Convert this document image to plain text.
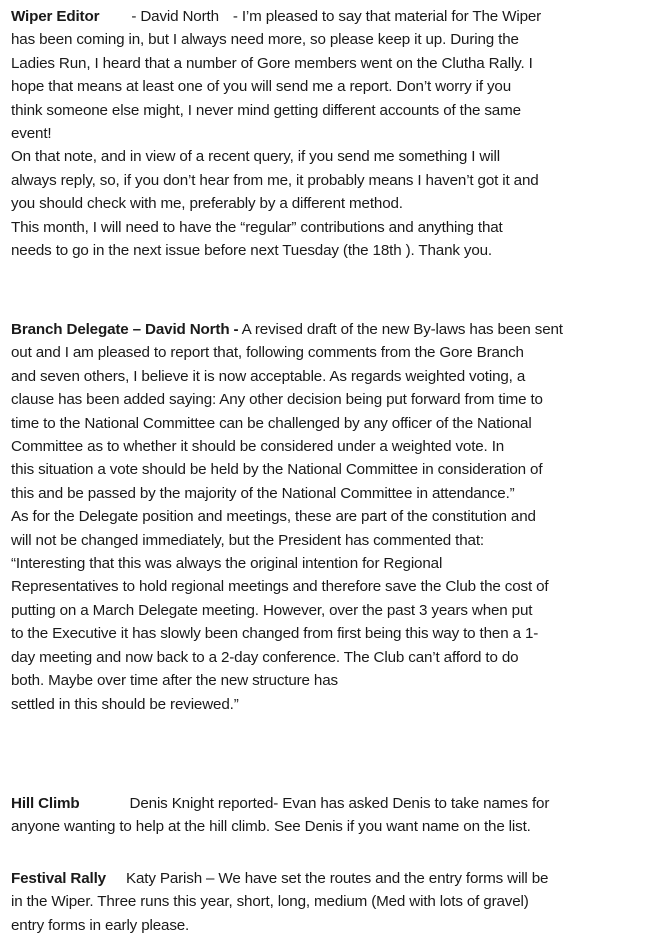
Wiper Editor - David North - I’m pleased to say that material for The Wiper
has been coming in, but I always need more, so please keep it up. During the
Ladies Run, I heard that a number of Gore members went on the Clutha Rally. I
hope that means at least one of you will send me a report. Don’t worry if you
think someone else might, I never mind getting different accounts of the same
event!
On that note, and in view of a recent query, if you send me something I will
always reply, so, if you don’t hear from me, it probably means I haven’t got it and
you should check with me, preferably by a different method.
This month, I will need to have the “regular” contributions and anything that
needs to go in the next issue before next Tuesday (the 18th ). Thank you.
Branch Delegate – David North - A revised draft of the new By-laws has been sent
out and I am pleased to report that, following comments from the Gore Branch
and seven others, I believe it is now acceptable. As regards weighted voting, a
clause has been added saying: Any other decision being put forward from time to
time to the National Committee can be challenged by any officer of the National
Committee as to whether it should be considered under a weighted vote. In
this situation a vote should be held by the National Committee in consideration of
this and be passed by the majority of the National Committee in attendance.”
As for the Delegate position and meetings, these are part of the constitution and
will not be changed immediately, but the President has commented that:
“Interesting that this was always the original intention for Regional
Representatives to hold regional meetings and therefore save the Club the cost of
putting on a March Delegate meeting. However, over the past 3 years when put
to the Executive it has slowly been changed from first being this way to then a 1-
day meeting and now back to a 2-day conference. The Club can’t afford to do
both. Maybe over time after the new structure has
settled in this should be reviewed.”
Hill Climb	Denis Knight reported- Evan has asked Denis to take names for
anyone wanting to help at the hill climb. See Denis if you want name on the list.
Festival Rally Katy Parish – We have set the routes and the entry forms will be
in the Wiper. Three runs this year, short, long, medium (Med with lots of gravel)
entry forms in early please.
